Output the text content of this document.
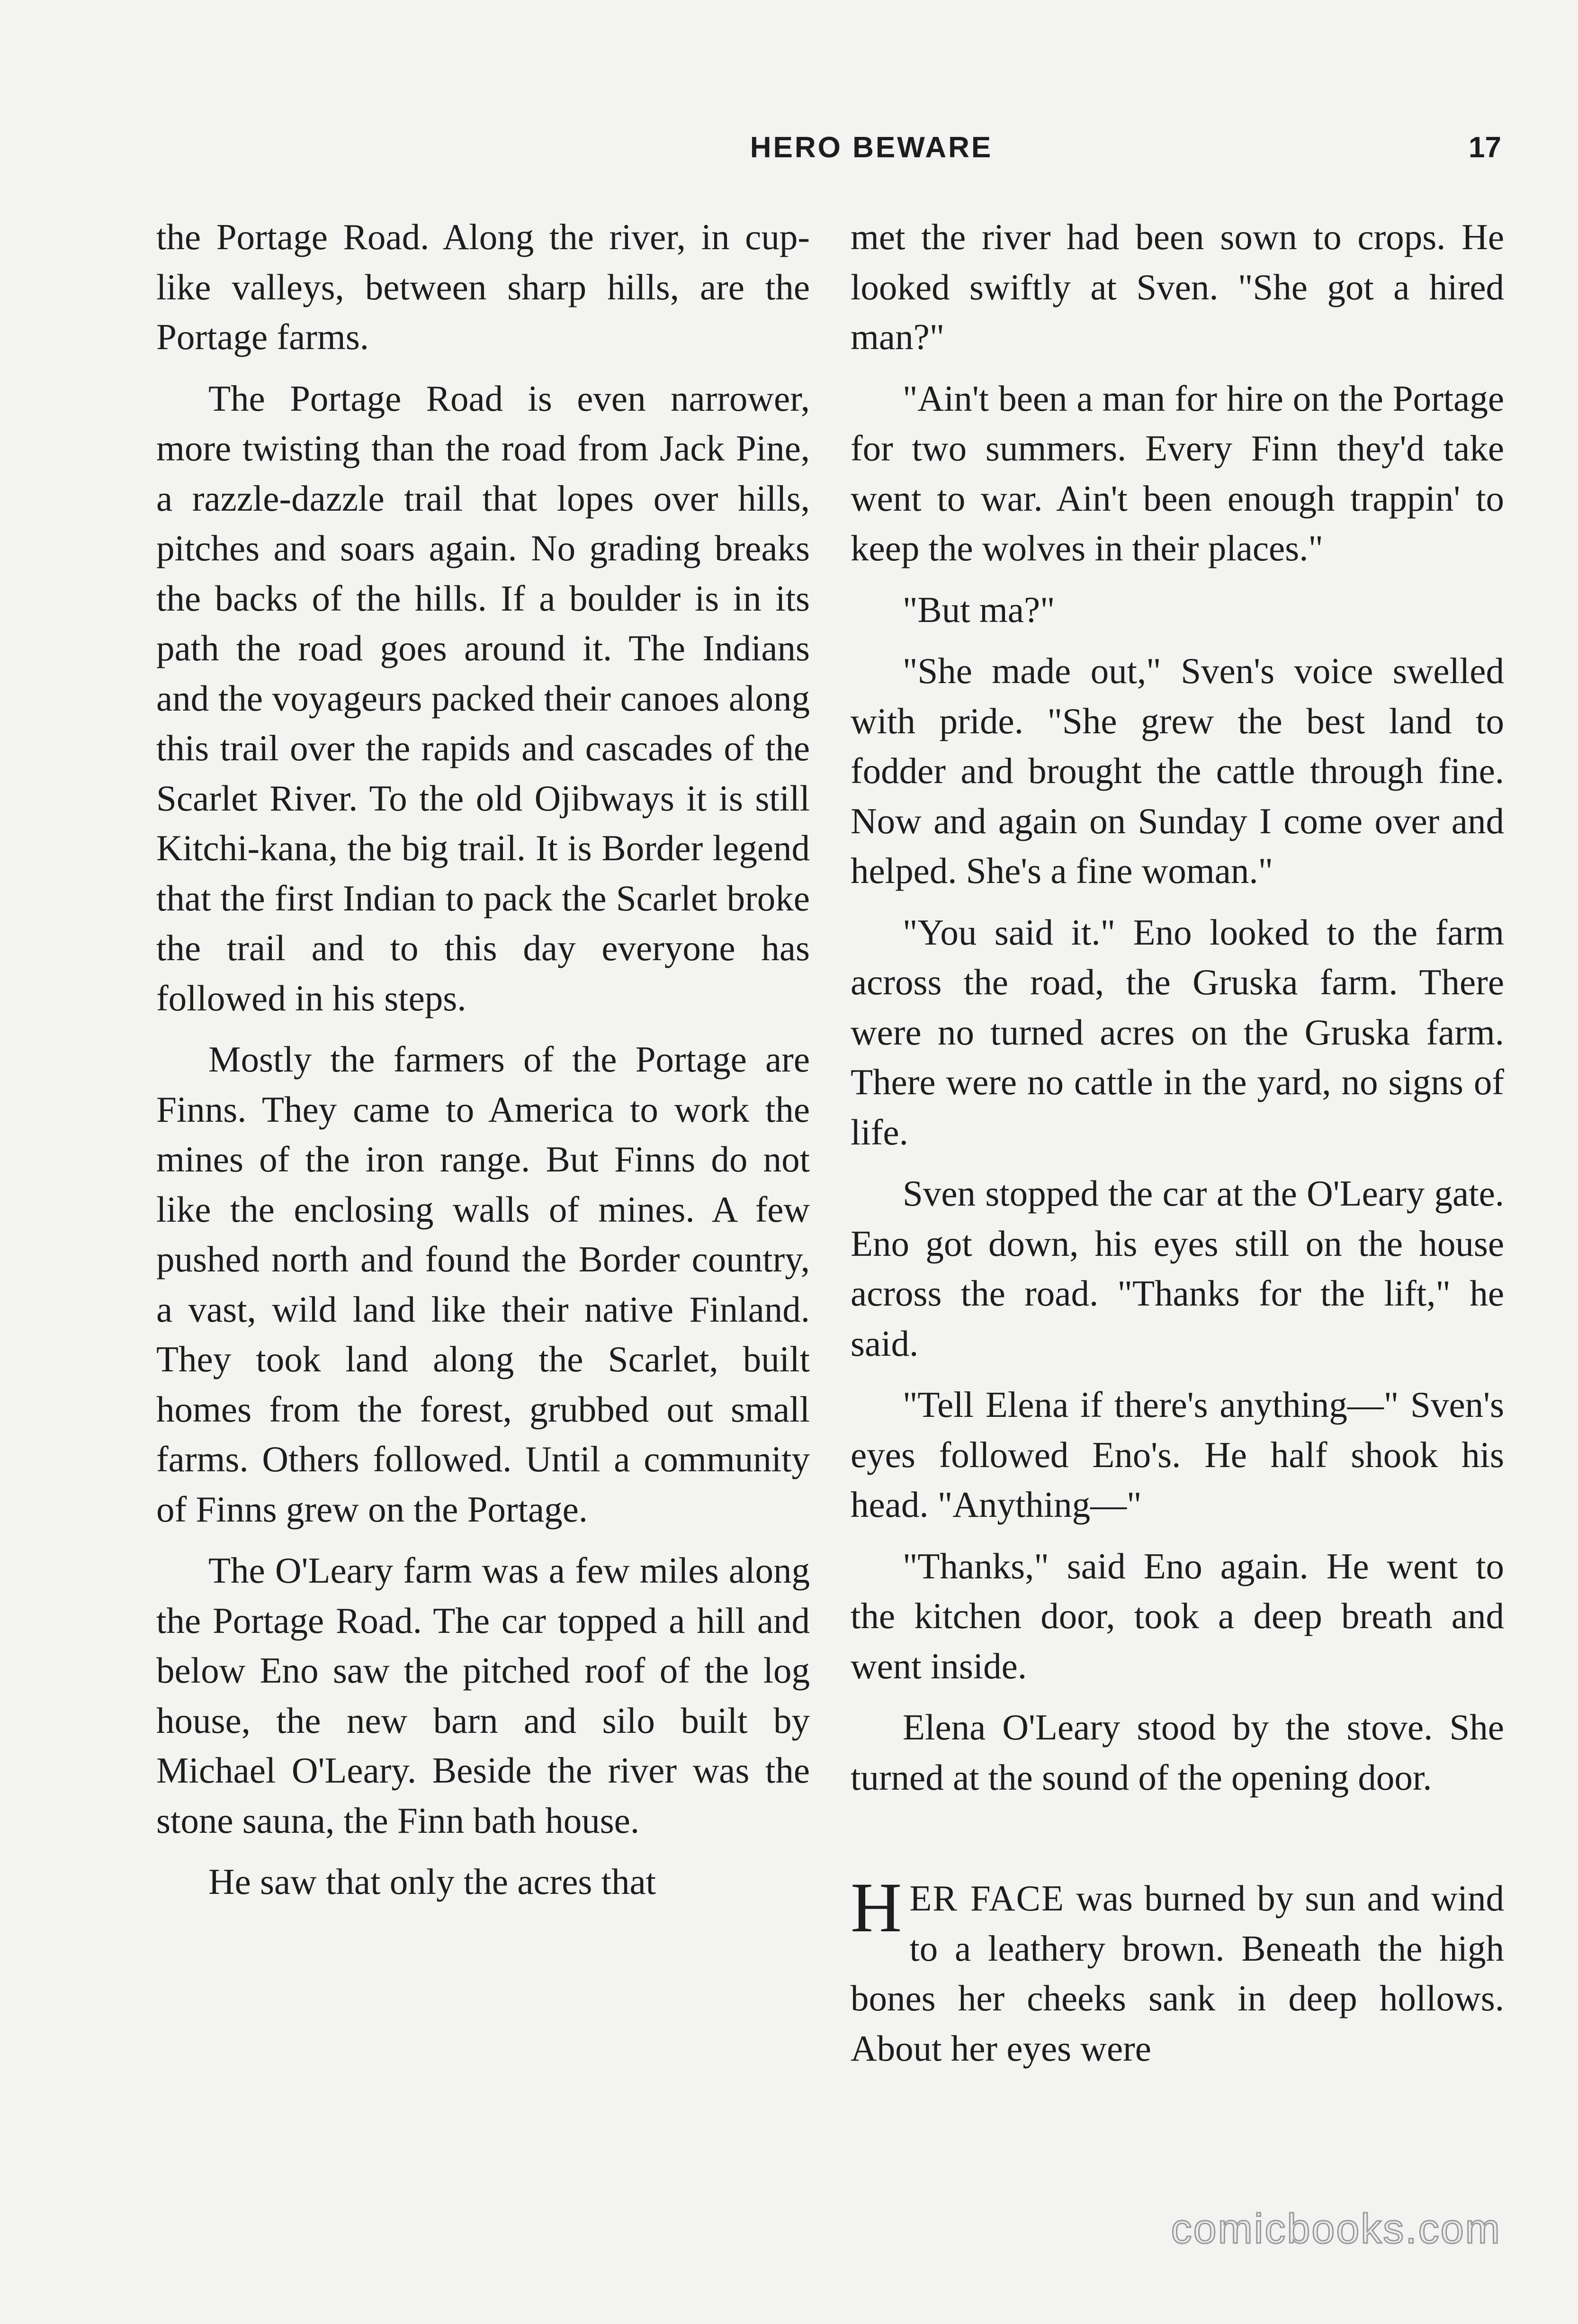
HERO BEWARE	17

the Portage Road. Along the river, in cup-like valleys, between sharp hills, are the Portage farms.

The Portage Road is even narrower, more twisting than the road from Jack Pine, a razzle-dazzle trail that lopes over hills, pitches and soars again. No grading breaks the backs of the hills. If a boulder is in its path the road goes around it. The Indians and the voyageurs packed their canoes along this trail over the rapids and cascades of the Scarlet River. To the old Ojibways it is still Kitchi-kana, the big trail. It is Border legend that the first Indian to pack the Scarlet broke the trail and to this day everyone has followed in his steps.

Mostly the farmers of the Portage are Finns. They came to America to work the mines of the iron range. But Finns do not like the enclosing walls of mines. A few pushed north and found the Border country, a vast, wild land like their native Finland. They took land along the Scarlet, built homes from the forest, grubbed out small farms. Others followed. Until a community of Finns grew on the Portage.

The O'Leary farm was a few miles along the Portage Road. The car topped a hill and below Eno saw the pitched roof of the log house, the new barn and silo built by Michael O'Leary. Beside the river was the stone sauna, the Finn bath house.

He saw that only the acres that

met the river had been sown to crops. He looked swiftly at Sven. "She got a hired man?"

"Ain't been a man for hire on the Portage for two summers. Every Finn they'd take went to war. Ain't been enough trappin' to keep the wolves in their places."

"But ma?"

"She made out," Sven's voice swelled with pride. "She grew the best land to fodder and brought the cattle through fine. Now and again on Sunday I come over and helped. She's a fine woman."

"You said it." Eno looked to the farm across the road, the Gruska farm. There were no turned acres on the Gruska farm. There were no cattle in the yard, no signs of life.

Sven stopped the car at the O'Leary gate. Eno got down, his eyes still on the house across the road. "Thanks for the lift," he said.

"Tell Elena if there's anything—" Sven's eyes followed Eno's. He half shook his head. "Anything—"

"Thanks," said Eno again. He went to the kitchen door, took a deep breath and went inside.

Elena O'Leary stood by the stove. She turned at the sound of the opening door.

HER FACE was burned by sun and wind to a leathery brown. Beneath the high bones her cheeks sank in deep hollows. About her eyes were

comicbooks.com
